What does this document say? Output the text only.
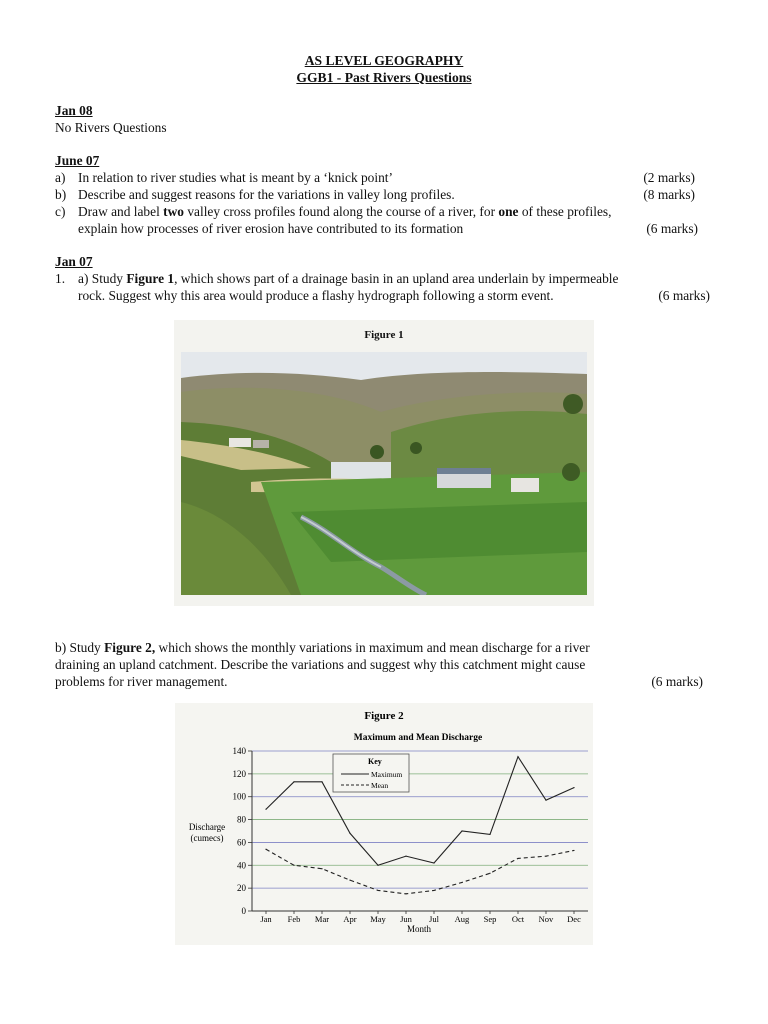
AS LEVEL GEOGRAPHY
GGB1 - Past Rivers Questions
Jan 08
No Rivers Questions
June 07
a) In relation to river studies what is meant by a ‘knick point’	(2 marks)
b) Describe and suggest reasons for the variations in valley long profiles.	(8 marks)
c) Draw and label two valley cross profiles found along the course of a river, for one of these profiles,
explain how processes of river erosion have contributed to its formation	(6 marks)
Jan 07
1. a) Study Figure 1, which shows part of a drainage basin in an upland area underlain by impermeable
rock. Suggest why this area would produce a flashy hydrograph following a storm event.	(6 marks)
Figure 1
b) Study Figure 2, which shows the monthly variations in maximum and mean discharge for a river
draining an upland catchment. Describe the variations and suggest why this catchment might cause
problems for river management.	(6 marks)
Figure 2
Maximum and Mean Discharge
Discharge
(cumecs)
Month
0
20
40
60
80
100
120
140
Jan Feb Mar Apr May Jun Jul Aug Sep Oct Nov Dec
Key
Maximum
Mean
